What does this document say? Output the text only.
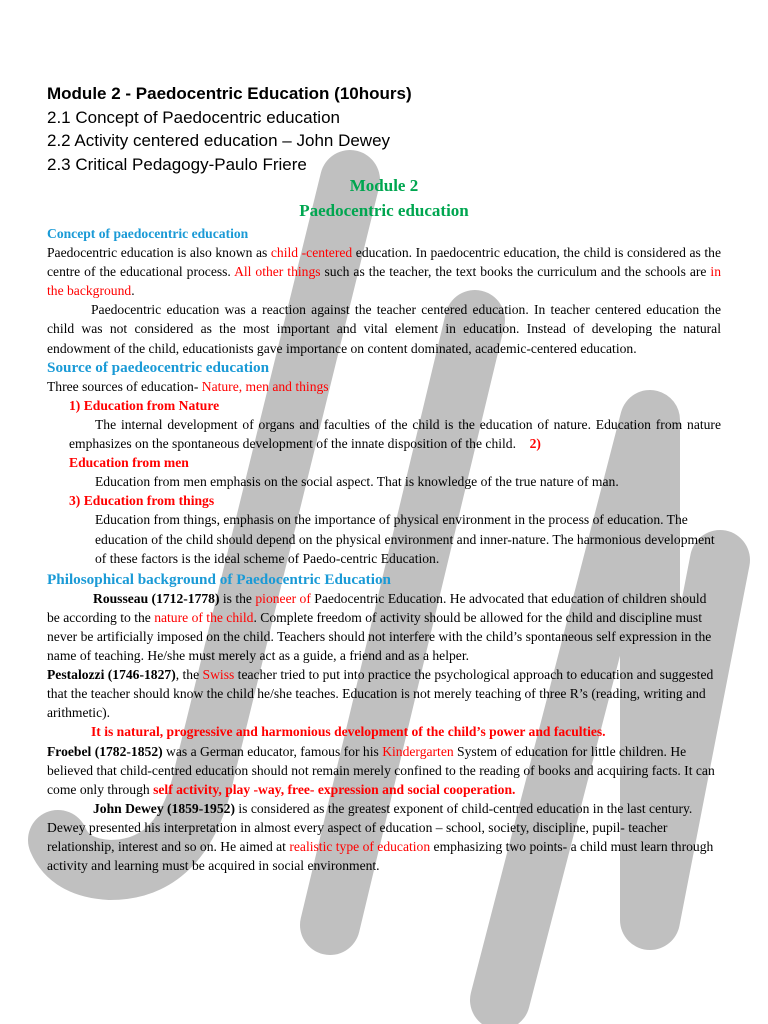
Module 2 - Paedocentric Education (10hours)
2.1 Concept of Paedocentric education
2.2 Activity centered education – John Dewey
2.3 Critical Pedagogy-Paulo Friere
Module 2
Paedocentric education

Concept of paedocentric education

Paedocentric education is also known as child -centered education. In paedocentric education, the child is considered as the centre of the educational process. All other things such as the teacher, the text books the curriculum and the schools are in the background.

Paedocentric education was a reaction against the teacher centered education. In teacher centered education the child was not considered as the most important and vital element in education. Instead of developing the natural endowment of the child, educationists gave importance on content dominated, academic-centered education.

Source of paedeocentric education

Three sources of education- Nature, men and things

1) Education from Nature

The internal development of organs and faculties of the child is the education of nature. Education from nature emphasizes on the spontaneous development of the innate disposition of the child. 2)

Education from men

Education from men emphasis on the social aspect. That is knowledge of the true nature of man.

3) Education from things

Education from things, emphasis on the importance of physical environment in the process of education. The education of the child should depend on the physical environment and inner-nature. The harmonious development of these factors is the ideal scheme of Paedo-centric Education.

Philosophical background of Paedocentric Education

Rousseau (1712-1778) is the pioneer of Paedocentric Education. He advocated that education of children should be according to the nature of the child. Complete freedom of activity should be allowed for the child and discipline must never be artificially imposed on the child. Teachers should not interfere with the child’s spontaneous self expression in the name of teaching. He/she must merely act as a guide, a friend and as a helper.

Pestalozzi (1746-1827), the Swiss teacher tried to put into practice the psychological approach to education and suggested that the teacher should know the child he/she teaches. Education is not merely teaching of three R’s (reading, writing and arithmetic).

It is natural, progressive and harmonious development of the child’s power and faculties.

Froebel (1782-1852) was a German educator, famous for his Kindergarten System of education for little children. He believed that child-centred education should not remain merely confined to the reading of books and acquiring facts. It can come only through self activity, play -way, free- expression and social cooperation.

John Dewey (1859-1952) is considered as the greatest exponent of child-centred education in the last century. Dewey presented his interpretation in almost every aspect of education – school, society, discipline, pupil- teacher relationship, interest and so on. He aimed at realistic type of education emphasizing two points- a child must learn through activity and learning must be acquired in social environment.
